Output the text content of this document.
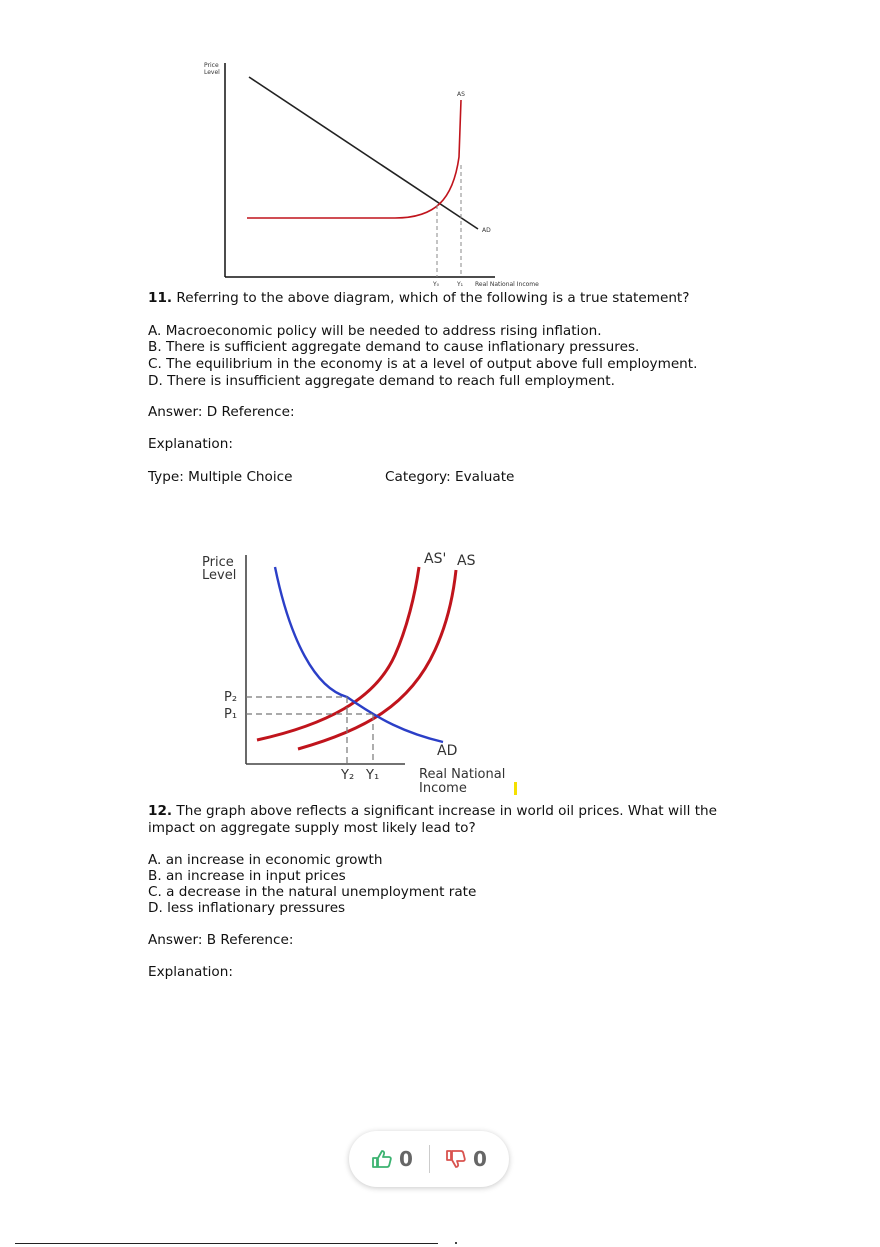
Price
Level
AS
AD
Y₀	Y₁ Real National Income
11. Referring to the above diagram, which of the following is a true statement?
A. Macroeconomic policy will be needed to address rising inflation.
B. There is sufficient aggregate demand to cause inflationary pressures.
C. The equilibrium in the economy is at a level of output above full employment.
D. There is insufficient aggregate demand to reach full employment.
Answer: D Reference:
Explanation:
Type: Multiple Choice	Category: Evaluate
Price
Level
AS' AS
AD
P₂
P₁
Y₂ Y₁	Real National
Income
12. The graph above reflects a significant increase in world oil prices. What will the
impact on aggregate supply most likely lead to?
A. an increase in economic growth
B. an increase in input prices
C. a decrease in the natural unemployment rate
D. less inflationary pressures
Answer: B Reference:
Explanation:
0	0
